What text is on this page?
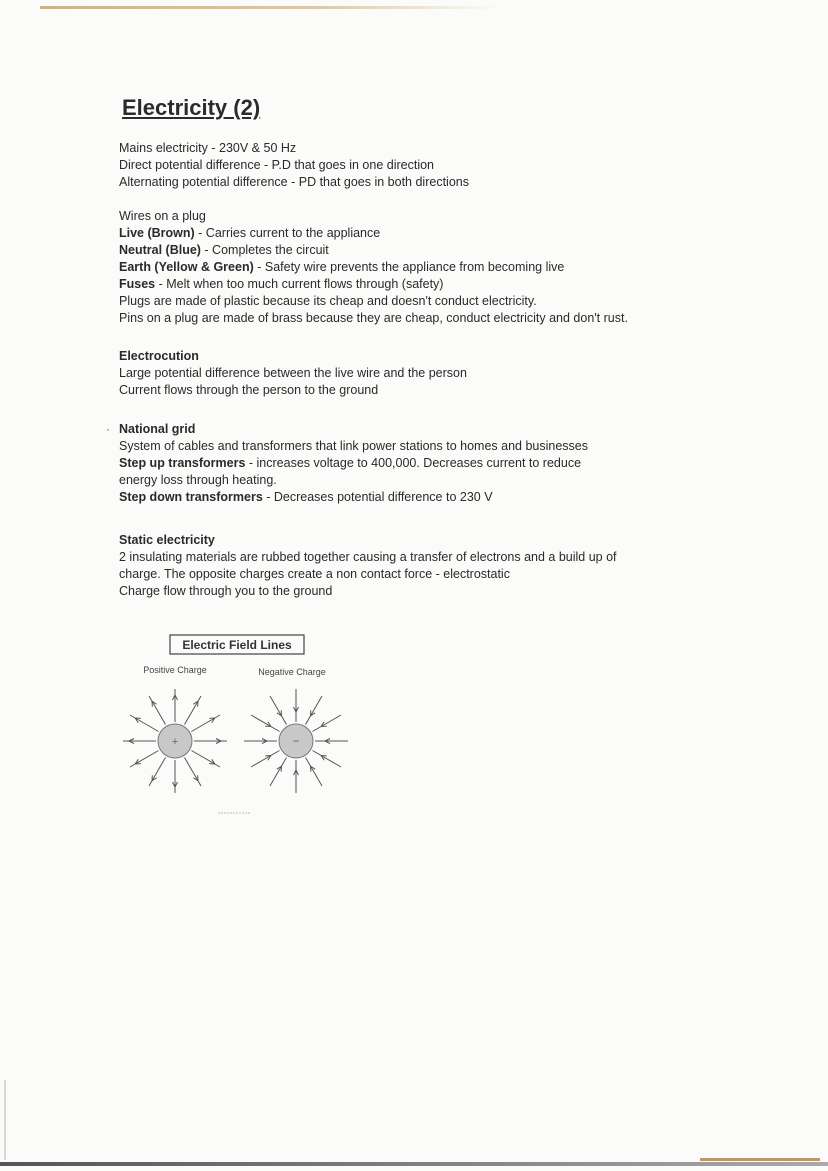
Electricity (2)

Mains electricity - 230V & 50 Hz

Direct potential difference - P.D that goes in one direction

Alternating potential difference - PD that goes in both directions

Wires on a plug

Live (Brown) - Carries current to the appliance

Neutral (Blue) - Completes the circuit

Earth (Yellow & Green) - Safety wire prevents the appliance from becoming live

Fuses - Melt when too much current flows through (safety)

Plugs are made of plastic because its cheap and doesn't conduct electricity.

Pins on a plug are made of brass because they are cheap, conduct electricity and don't rust.

Electrocution

Large potential difference between the live wire and the person

Current flows through the person to the ground

· National grid

System of cables and transformers that link power stations to homes and businesses

Step up transformers - increases voltage to 400,000. Decreases current to reduce energy loss through heating.

Step down transformers - Decreases potential difference to 230 V

Static electricity

2 insulating materials are rubbed together causing a transfer of electrons and a build up of charge. The opposite charges create a non contact force - electrostatic

Charge flow through you to the ground

Electric Field Lines
Positive Charge	Negative Charge
+	−
